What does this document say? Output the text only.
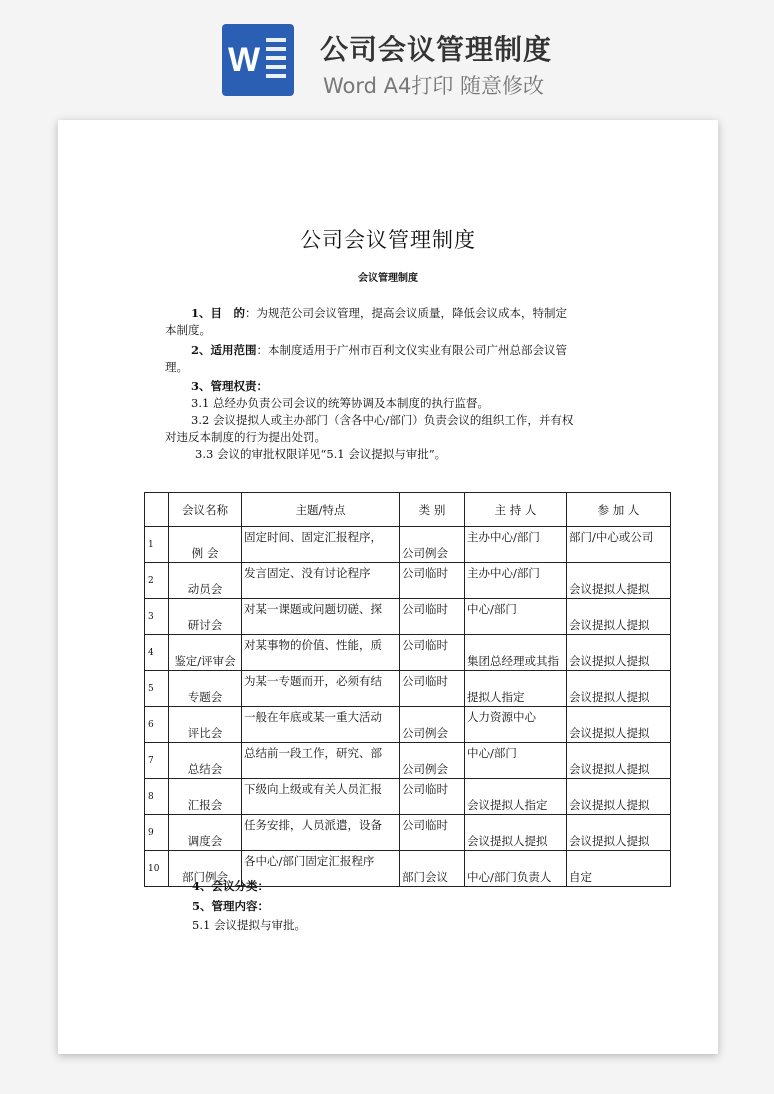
W 公司会议管理制度
Word A4打印 随意修改
公司会议管理制度
会议管理制度
1、目　的：为规范公司会议管理，提高会议质量，降低会议成本，特制定
本制度。
2、适用范围：本制度适用于广州市百利文仪实业有限公司广州总部会议管
理。
3、管理权责：
3.1 总经办负责公司会议的统筹协调及本制度的执行监督。
3.2 会议提拟人或主办部门（含各中心/部门）负责会议的组织工作，并有权
对违反本制度的行为提出处罚。
3.3 会议的审批权限详见“5.1 会议提拟与审批”。
	会议名称	主题/特点	类 别	主 持 人	参 加 人
1	例 会	固定时间、固定汇报程序，	公司例会	主办中心/部门	部门/中心或公司

2	动员会	发言固定、没有讨论程序	公司临时	主办中心/部门	会议提拟人提拟

3	研讨会	对某一课题或问题切磋、探	公司临时	中心/部门	会议提拟人提拟

4	鉴定/评审会	对某事物的价值、性能，质	公司临时	集团总经理或其指	会议提拟人提拟

5	专题会	为某一专题而开，必须有结	公司临时	提拟人指定	会议提拟人提拟

6	评比会	一般在年底或某一重大活动	公司例会	人力资源中心	会议提拟人提拟

7	总结会	总结前一段工作，研究、部	公司例会	中心/部门	会议提拟人提拟

8	汇报会	下级向上级或有关人员汇报	公司临时	会议提拟人指定	会议提拟人提拟

9	调度会	任务安排，人员派遣，设备	公司临时	会议提拟人提拟	会议提拟人提拟

10	部门例会	各中心/部门固定汇报程序	部门会议	中心/部门负责人	自定
4、会议分类：
5、管理内容：
5.1 会议提拟与审批。
